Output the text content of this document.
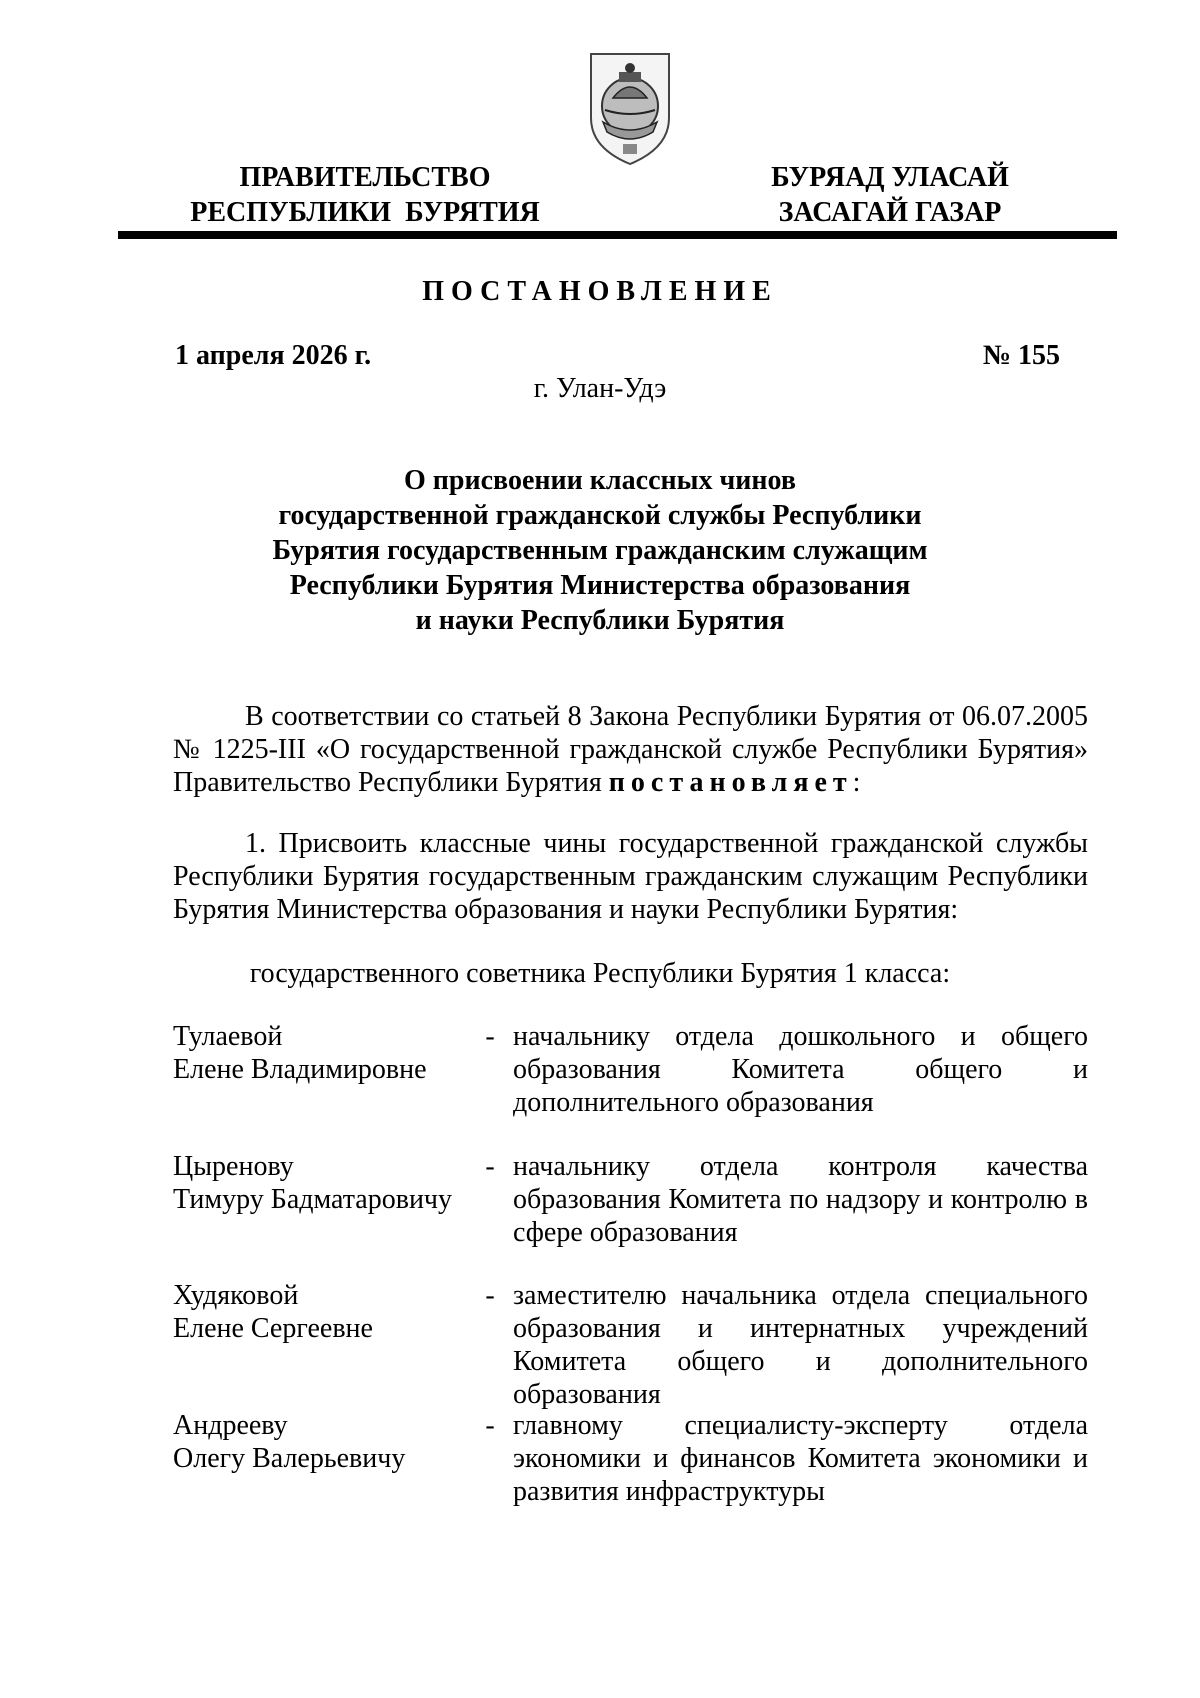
ПРАВИТЕЛЬСТВО
РЕСПУБЛИКИ  БУРЯТИЯ
БУРЯАД УЛАСАЙ
ЗАСАГАЙ ГАЗАР
ПОСТАНОВЛЕНИЕ
1 апреля 2026 г.	№ 155
г. Улан-Удэ
О присвоении классных чинов
государственной гражданской службы Республики
Бурятия государственным гражданским служащим
Республики Бурятия Министерства образования
и науки Республики Бурятия

В соответствии со статьей 8 Закона Республики Бурятия от 06.07.2005 № 1225-III «О государственной гражданской службе Республики Бурятия» Правительство Республики Бурятия постановляет:

1. Присвоить классные чины государственной гражданской службы Республики Бурятия государственным гражданским служащим Республики Бурятия Министерства образования и науки Республики Бурятия:

государственного советника Республики Бурятия 1 класса:
Тулаевой
Елене Владимировне
- начальнику отдела дошкольного и общего образования Комитета общего и дополнительного образования
Цыренову
Тимуру Бадматаровичу
- начальнику отдела контроля качества образования Комитета по надзору и контролю в сфере образования
Худяковой
Елене Сергеевне
- заместителю начальника отдела специального образования и интернатных учреждений Комитета общего и дополнительного образования
Андрееву
Олегу Валерьевичу
- главному специалисту-эксперту отдела экономики и финансов Комитета экономики и развития инфраструктуры
